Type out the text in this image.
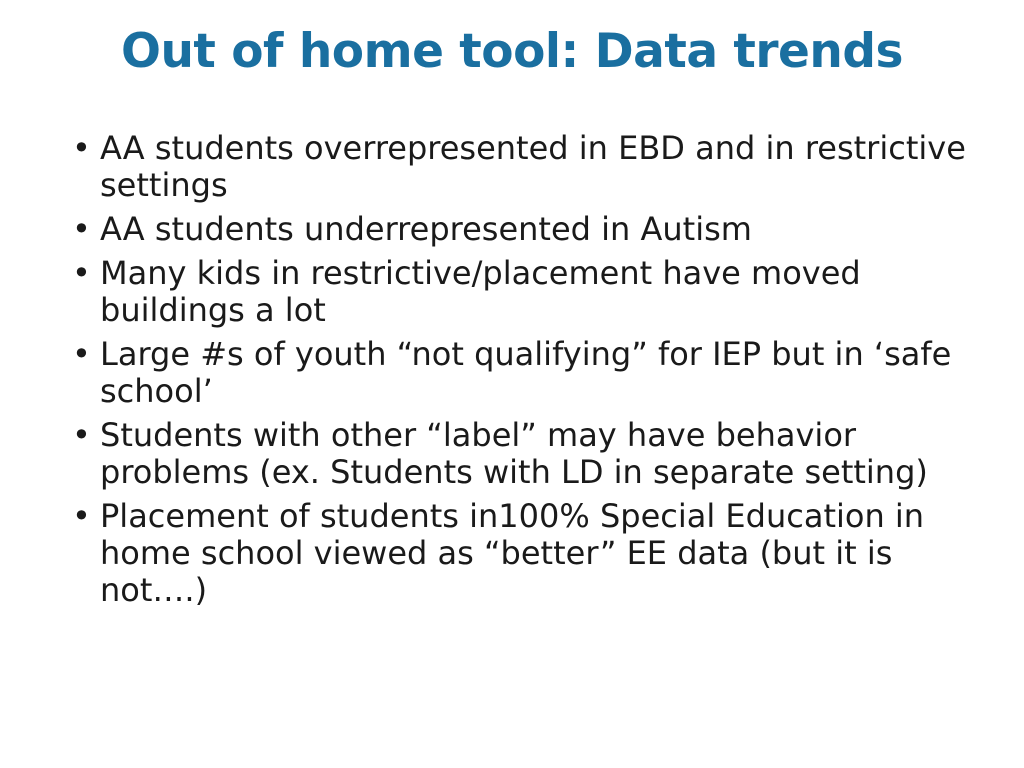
Out of home tool: Data trends
• AA students overrepresented in EBD and in restrictive settings
• AA students underrepresented in Autism
• Many kids in restrictive/placement have moved buildings a lot
• Large #s of youth “not qualifying” for IEP but in ‘safe school’
• Students with other “label” may have behavior problems (ex. Students with LD in separate setting)
• Placement of students in100% Special Education in home school viewed as “better” EE data (but it is not….)
